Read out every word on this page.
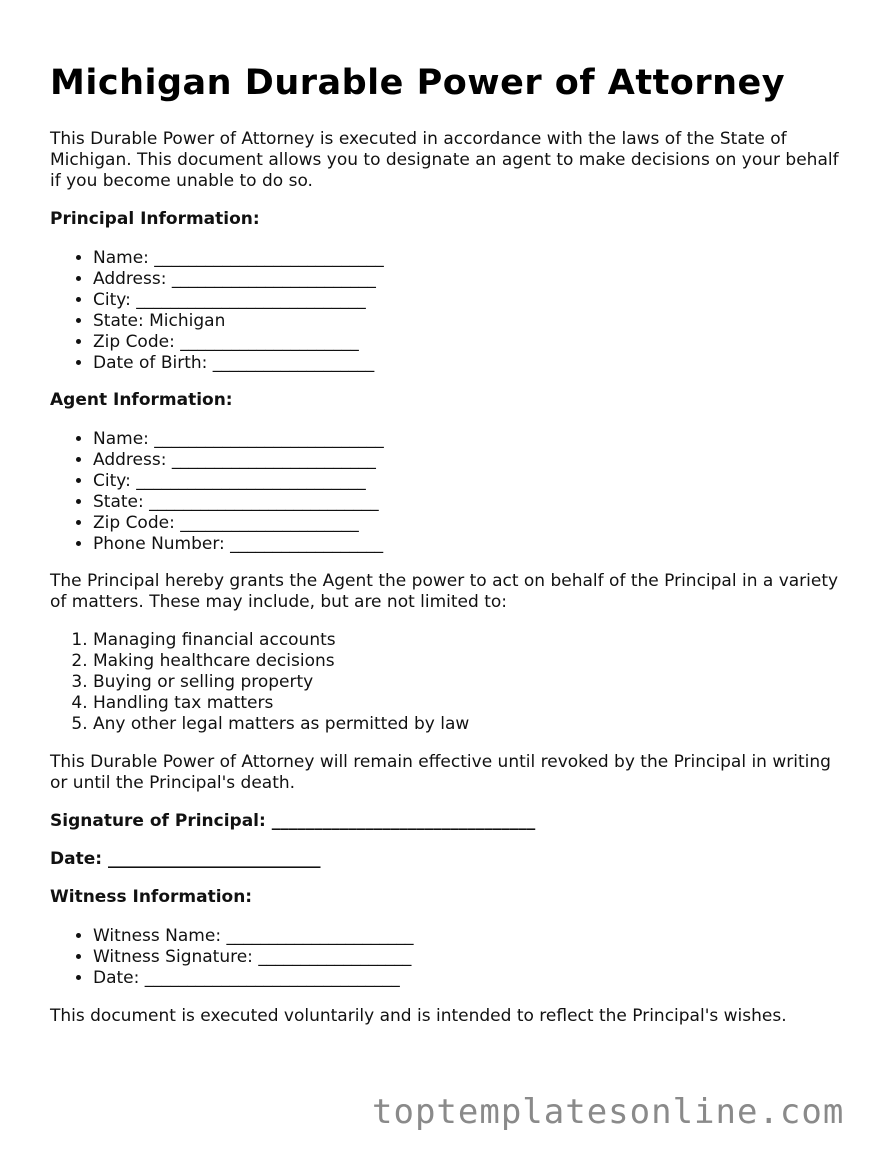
Michigan Durable Power of Attorney

This Durable Power of Attorney is executed in accordance with the laws of the State of Michigan. This document allows you to designate an agent to make decisions on your behalf if you become unable to do so.

Principal Information:

• Name: ___________________________
• Address: ________________________
• City: ___________________________
• State: Michigan
• Zip Code: _____________________
• Date of Birth: ___________________

Agent Information:

• Name: ___________________________
• Address: ________________________
• City: ___________________________
• State: ___________________________
• Zip Code: _____________________
• Phone Number: __________________

The Principal hereby grants the Agent the power to act on behalf of the Principal in a variety of matters. These may include, but are not limited to:

1. Managing financial accounts
2. Making healthcare decisions
3. Buying or selling property
4. Handling tax matters
5. Any other legal matters as permitted by law

This Durable Power of Attorney will remain effective until revoked by the Principal in writing or until the Principal's death.

Signature of Principal: _______________________________

Date: _________________________

Witness Information:

• Witness Name: ______________________
• Witness Signature: __________________
• Date: ______________________________

This document is executed voluntarily and is intended to reflect the Principal's wishes.

toptemplatesonline.com
